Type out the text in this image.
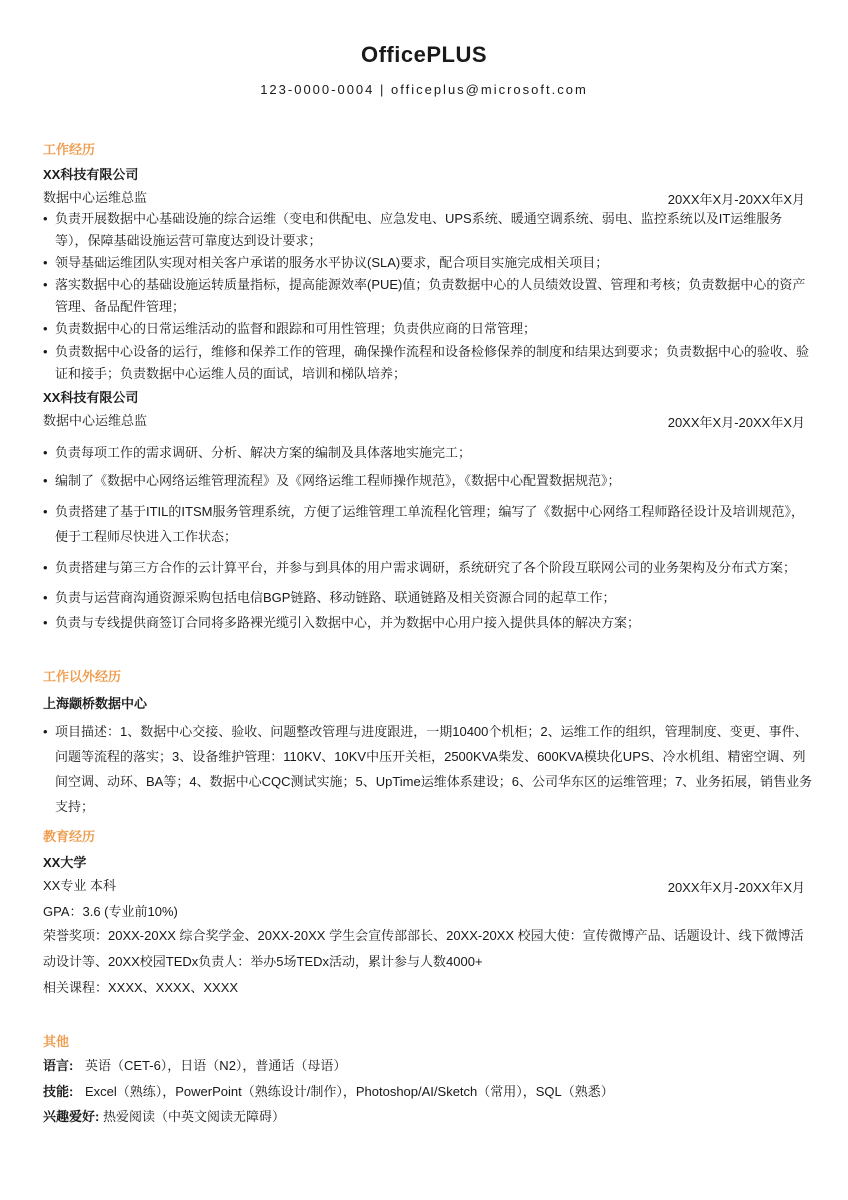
OfficePLUS
123-0000-0004 | officeplus@microsoft.com
工作经历
XX科技有限公司
数据中心运维总监	20XX年X月-20XX年X月
• 负责开展数据中心基础设施的综合运维（变电和供配电、应急发电、UPS系统、暖通空调系统、弱电、监控系统以及IT运维服务等），保障基础设施运营可靠度达到设计要求；
• 领导基础运维团队实现对相关客户承诺的服务水平协议(SLA)要求，配合项目实施完成相关项目；
• 落实数据中心的基础设施运转质量指标，提高能源效率(PUE)值；负责数据中心的人员绩效设置、管理和考核；负责数据中心的资产管理、备品配件管理；
• 负责数据中心的日常运维活动的监督和跟踪和可用性管理；负责供应商的日常管理；
• 负责数据中心设备的运行，维修和保养工作的管理，确保操作流程和设备检修保养的制度和结果达到要求；负责数据中心的验收、验证和接手；负责数据中心运维人员的面试，培训和梯队培养；
XX科技有限公司
数据中心运维总监	20XX年X月-20XX年X月
• 负责每项工作的需求调研、分析、解决方案的编制及具体落地实施完工；
• 编制了《数据中心网络运维管理流程》及《网络运维工程师操作规范》，《数据中心配置数据规范》；
• 负责搭建了基于ITIL的ITSM服务管理系统，方便了运维管理工单流程化管理；编写了《数据中心网络工程师路径设计及培训规范》，便于工程师尽快进入工作状态；
• 负责搭建与第三方合作的云计算平台，并参与到具体的用户需求调研，系统研究了各个阶段互联网公司的业务架构及分布式方案；
• 负责与运营商沟通资源采购包括电信BGP链路、移动链路、联通链路及相关资源合同的起草工作；
• 负责与专线提供商签订合同将多路裸光缆引入数据中心，并为数据中心用户接入提供具体的解决方案；
工作以外经历
上海颛桥数据中心
• 项目描述：1、数据中心交接、验收、问题整改管理与进度跟进，一期10400个机柜；2、运维工作的组织，管理制度、变更、事件、问题等流程的落实；3、设备维护管理：110KV、10KV中压开关柜，2500KVA柴发、600KVA模块化UPS、冷水机组、精密空调、列间空调、动环、BA等；4、数据中心CQC测试实施；5、UpTime运维体系建设；6、公司华东区的运维管理；7、业务拓展，销售业务支持；
教育经历
XX大学
XX专业 本科	20XX年X月-20XX年X月
GPA：3.6 (专业前10%)
荣誉奖项：20XX-20XX 综合奖学金、20XX-20XX 学生会宣传部部长、20XX-20XX 校园大使：宣传微博产品、话题设计、线下微博活动设计等、20XX校园TEDx负责人：举办5场TEDx活动，累计参与人数4000+
相关课程：XXXX、XXXX、XXXX
其他
语言: 英语（CET-6），日语（N2），普通话（母语）
技能: Excel（熟练），PowerPoint（熟练设计/制作），Photoshop/AI/Sketch（常用），SQL（熟悉）
兴趣爱好: 热爱阅读（中英文阅读无障碍）
